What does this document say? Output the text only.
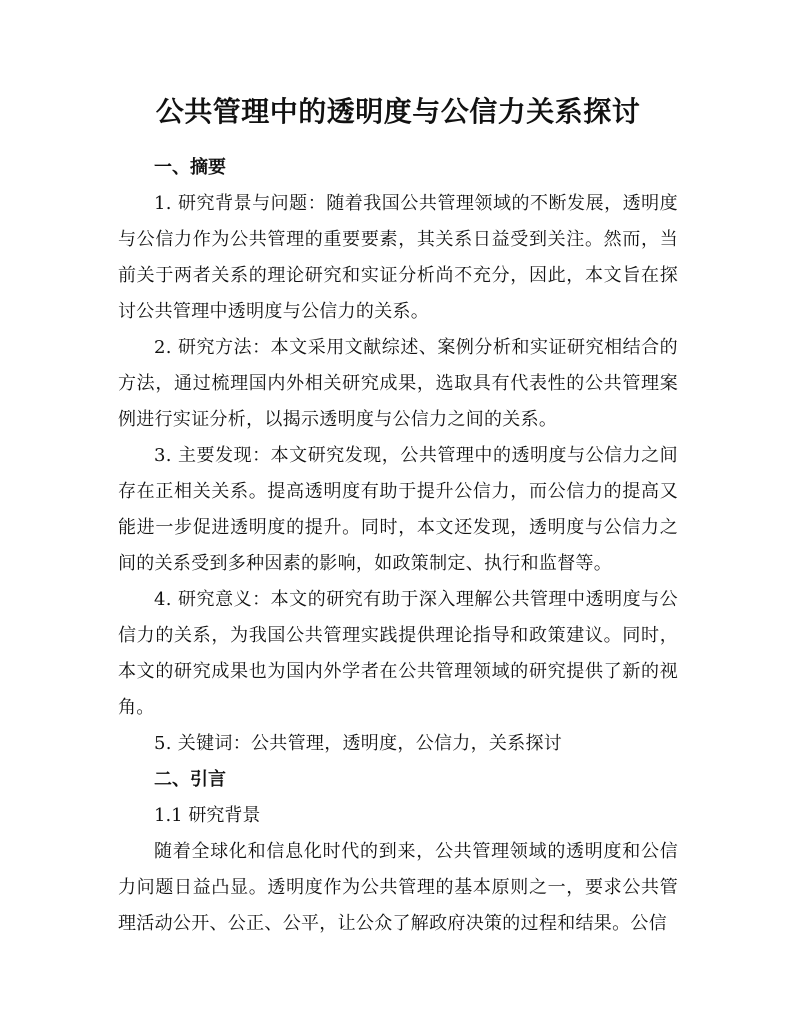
公共管理中的透明度与公信力关系探讨
一、摘要

1. 研究背景与问题：随着我国公共管理领域的不断发展，透明度与公信力作为公共管理的重要要素，其关系日益受到关注。然而，当前关于两者关系的理论研究和实证分析尚不充分，因此，本文旨在探讨公共管理中透明度与公信力的关系。

2. 研究方法：本文采用文献综述、案例分析和实证研究相结合的方法，通过梳理国内外相关研究成果，选取具有代表性的公共管理案例进行实证分析，以揭示透明度与公信力之间的关系。

3. 主要发现：本文研究发现，公共管理中的透明度与公信力之间存在正相关关系。提高透明度有助于提升公信力，而公信力的提高又能进一步促进透明度的提升。同时，本文还发现，透明度与公信力之间的关系受到多种因素的影响，如政策制定、执行和监督等。

4. 研究意义：本文的研究有助于深入理解公共管理中透明度与公信力的关系，为我国公共管理实践提供理论指导和政策建议。同时，本文的研究成果也为国内外学者在公共管理领域的研究提供了新的视角。

5. 关键词：公共管理，透明度，公信力，关系探讨

二、引言

1.1 研究背景

随着全球化和信息化时代的到来，公共管理领域的透明度和公信力问题日益凸显。透明度作为公共管理的基本原则之一，要求公共管理活动公开、公正、公平，让公众了解政府决策的过程和结果。公信
